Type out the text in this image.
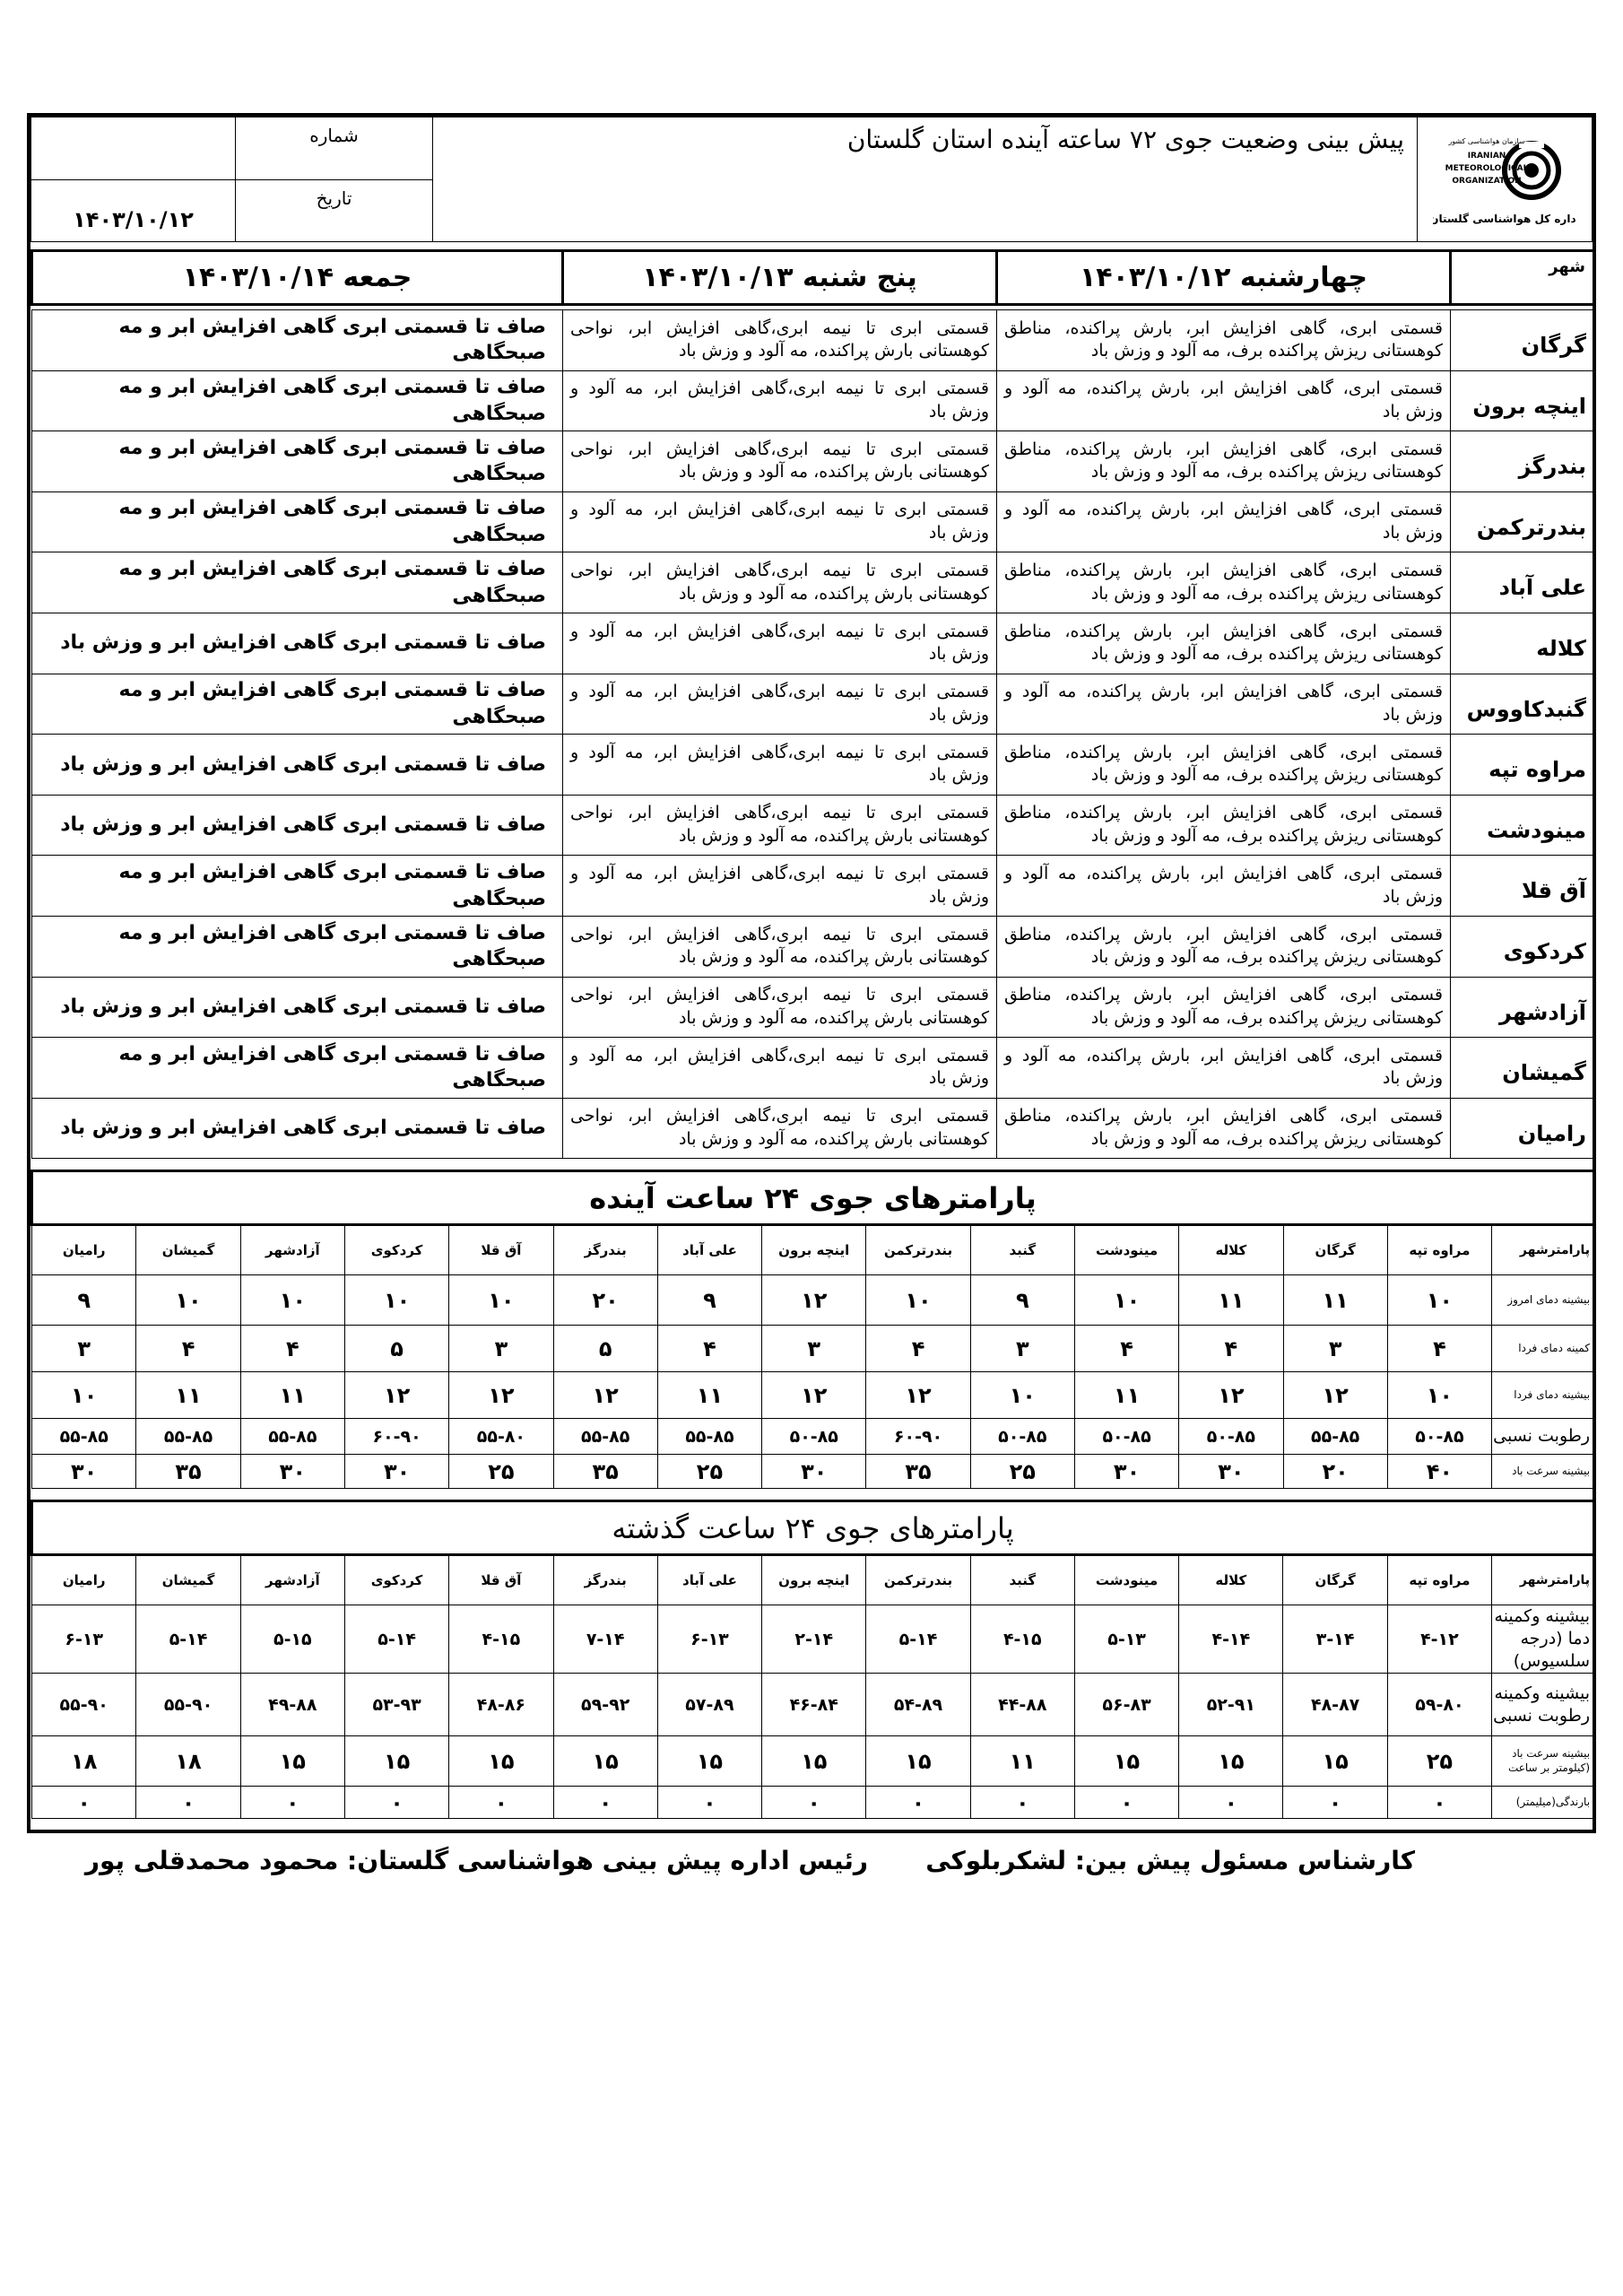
سازمان هواشناسی کشور
IRANIAN
METEOROLOGICAL
ORGANIZATION
اداره کل هواشناسی گلستان	پیش بینی وضعیت جوی ۷۲ ساعته آینده استان گلستان	شماره	
		تاریخ	۱۴۰۳/۱۰/۱۲
شهر	چهارشنبه ۱۴۰۳/۱۰/۱۲	پنج شنبه ۱۴۰۳/۱۰/۱۳	جمعه ۱۴۰۳/۱۰/۱۴

گرگان	قسمتی ابری، گاهی افزایش ابر، بارش پراکنده، مناطق کوهستانی ریزش پراکنده برف، مه آلود و وزش باد	قسمتی ابری تا نیمه ابری،گاهی افزایش ابر، نواحی کوهستانی بارش پراکنده، مه آلود و وزش باد	صاف تا قسمتی ابری گاهی افزایش ابر و مه صبحگاهی
اینچه برون	قسمتی ابری، گاهی افزایش ابر، بارش پراکنده، مه آلود و وزش باد	قسمتی ابری تا نیمه ابری،گاهی افزایش ابر، مه آلود و وزش باد	صاف تا قسمتی ابری گاهی افزایش ابر و مه صبحگاهی
بندرگز	قسمتی ابری، گاهی افزایش ابر، بارش پراکنده، مناطق کوهستانی ریزش پراکنده برف، مه آلود و وزش باد	قسمتی ابری تا نیمه ابری،گاهی افزایش ابر، نواحی کوهستانی بارش پراکنده، مه آلود و وزش باد	صاف تا قسمتی ابری گاهی افزایش ابر و مه صبحگاهی
بندرترکمن	قسمتی ابری، گاهی افزایش ابر، بارش پراکنده، مه آلود و وزش باد	قسمتی ابری تا نیمه ابری،گاهی افزایش ابر، مه آلود و وزش باد	صاف تا قسمتی ابری گاهی افزایش ابر و مه صبحگاهی
علی آباد	قسمتی ابری، گاهی افزایش ابر، بارش پراکنده، مناطق کوهستانی ریزش پراکنده برف، مه آلود و وزش باد	قسمتی ابری تا نیمه ابری،گاهی افزایش ابر، نواحی کوهستانی بارش پراکنده، مه آلود و وزش باد	صاف تا قسمتی ابری گاهی افزایش ابر و مه صبحگاهی
کلاله	قسمتی ابری، گاهی افزایش ابر، بارش پراکنده، مناطق کوهستانی ریزش پراکنده برف، مه آلود و وزش باد	قسمتی ابری تا نیمه ابری،گاهی افزایش ابر، مه آلود و وزش باد	صاف تا قسمتی ابری گاهی افزایش ابر و وزش باد
گنبدکاووس	قسمتی ابری، گاهی افزایش ابر، بارش پراکنده، مه آلود و وزش باد	قسمتی ابری تا نیمه ابری،گاهی افزایش ابر، مه آلود و وزش باد	صاف تا قسمتی ابری گاهی افزایش ابر و مه صبحگاهی
مراوه تپه	قسمتی ابری، گاهی افزایش ابر، بارش پراکنده، مناطق کوهستانی ریزش پراکنده برف، مه آلود و وزش باد	قسمتی ابری تا نیمه ابری،گاهی افزایش ابر، مه آلود و وزش باد	صاف تا قسمتی ابری گاهی افزایش ابر و وزش باد
مینودشت	قسمتی ابری، گاهی افزایش ابر، بارش پراکنده، مناطق کوهستانی ریزش پراکنده برف، مه آلود و وزش باد	قسمتی ابری تا نیمه ابری،گاهی افزایش ابر، نواحی کوهستانی بارش پراکنده، مه آلود و وزش باد	صاف تا قسمتی ابری گاهی افزایش ابر و وزش باد
آق قلا	قسمتی ابری، گاهی افزایش ابر، بارش پراکنده، مه آلود و وزش باد	قسمتی ابری تا نیمه ابری،گاهی افزایش ابر، مه آلود و وزش باد	صاف تا قسمتی ابری گاهی افزایش ابر و مه صبحگاهی
کردکوی	قسمتی ابری، گاهی افزایش ابر، بارش پراکنده، مناطق کوهستانی ریزش پراکنده برف، مه آلود و وزش باد	قسمتی ابری تا نیمه ابری،گاهی افزایش ابر، نواحی کوهستانی بارش پراکنده، مه آلود و وزش باد	صاف تا قسمتی ابری گاهی افزایش ابر و مه صبحگاهی
آزادشهر	قسمتی ابری، گاهی افزایش ابر، بارش پراکنده، مناطق کوهستانی ریزش پراکنده برف، مه آلود و وزش باد	قسمتی ابری تا نیمه ابری،گاهی افزایش ابر، نواحی کوهستانی بارش پراکنده، مه آلود و وزش باد	صاف تا قسمتی ابری گاهی افزایش ابر و وزش باد
گمیشان	قسمتی ابری، گاهی افزایش ابر، بارش پراکنده، مه آلود و وزش باد	قسمتی ابری تا نیمه ابری،گاهی افزایش ابر، مه آلود و وزش باد	صاف تا قسمتی ابری گاهی افزایش ابر و مه صبحگاهی
رامیان	قسمتی ابری، گاهی افزایش ابر، بارش پراکنده، مناطق کوهستانی ریزش پراکنده برف، مه آلود و وزش باد	قسمتی ابری تا نیمه ابری،گاهی افزایش ابر، نواحی کوهستانی بارش پراکنده، مه آلود و وزش باد	صاف تا قسمتی ابری گاهی افزایش ابر و وزش باد
پارامترهای جوی ۲۴ ساعت آینده														
پارامترشهر	مراوه تپه	گرگان	کلاله	مینودشت	گنبد	بندرترکمن	اینچه برون	علی آباد	بندرگز	آق قلا	کردکوی	آزادشهر	گمیشان	رامیان
بیشینه دمای امروز	۱۰	۱۱	۱۱	۱۰	۹	۱۰	۱۲	۹	۲۰	۱۰	۱۰	۱۰	۱۰	۹
کمینه دمای فردا	۴	۳	۴	۴	۳	۴	۳	۴	۵	۳	۵	۴	۴	۳
بیشینه دمای فردا	۱۰	۱۲	۱۲	۱۱	۱۰	۱۲	۱۲	۱۱	۱۲	۱۲	۱۲	۱۱	۱۱	۱۰
رطوبت نسبی	۵۰-۸۵	۵۵-۸۵	۵۰-۸۵	۵۰-۸۵	۵۰-۸۵	۶۰-۹۰	۵۰-۸۵	۵۵-۸۵	۵۵-۸۵	۵۵-۸۰	۶۰-۹۰	۵۵-۸۵	۵۵-۸۵	۵۵-۸۵
بیشینه سرعت باد	۴۰	۲۰	۳۰	۳۰	۲۵	۳۵	۳۰	۲۵	۳۵	۲۵	۳۰	۳۰	۳۵	۳۰
پارامترهای جوی ۲۴ ساعت گذشته														
پارامترشهر	مراوه تپه	گرگان	کلاله	مینودشت	گنبد	بندرترکمن	اینچه برون	علی آباد	بندرگز	آق قلا	کردکوی	آزادشهر	گمیشان	رامیان
بیشینه وکمینه دما (درجه سلسیوس)	۴-۱۲	۳-۱۴	۴-۱۴	۵-۱۳	۴-۱۵	۵-۱۴	۲-۱۴	۶-۱۳	۷-۱۴	۴-۱۵	۵-۱۴	۵-۱۵	۵-۱۴	۶-۱۳
بیشینه وکمینه رطوبت نسبی	۵۹-۸۰	۴۸-۸۷	۵۲-۹۱	۵۶-۸۳	۴۴-۸۸	۵۴-۸۹	۴۶-۸۴	۵۷-۸۹	۵۹-۹۲	۴۸-۸۶	۵۳-۹۳	۴۹-۸۸	۵۵-۹۰	۵۵-۹۰
بیشینه سرعت باد (کیلومتر بر ساعت	۲۵	۱۵	۱۵	۱۵	۱۱	۱۵	۱۵	۱۵	۱۵	۱۵	۱۵	۱۵	۱۸	۱۸
بارندگی(میلیمتر)	۰	۰	۰	۰	۰	۰	۰	۰	۰	۰	۰	۰	۰	۰
کارشناس مسئول پیش بین: لشکربلوکی
رئیس اداره پیش بینی هواشناسی گلستان: محمود محمدقلی پور
